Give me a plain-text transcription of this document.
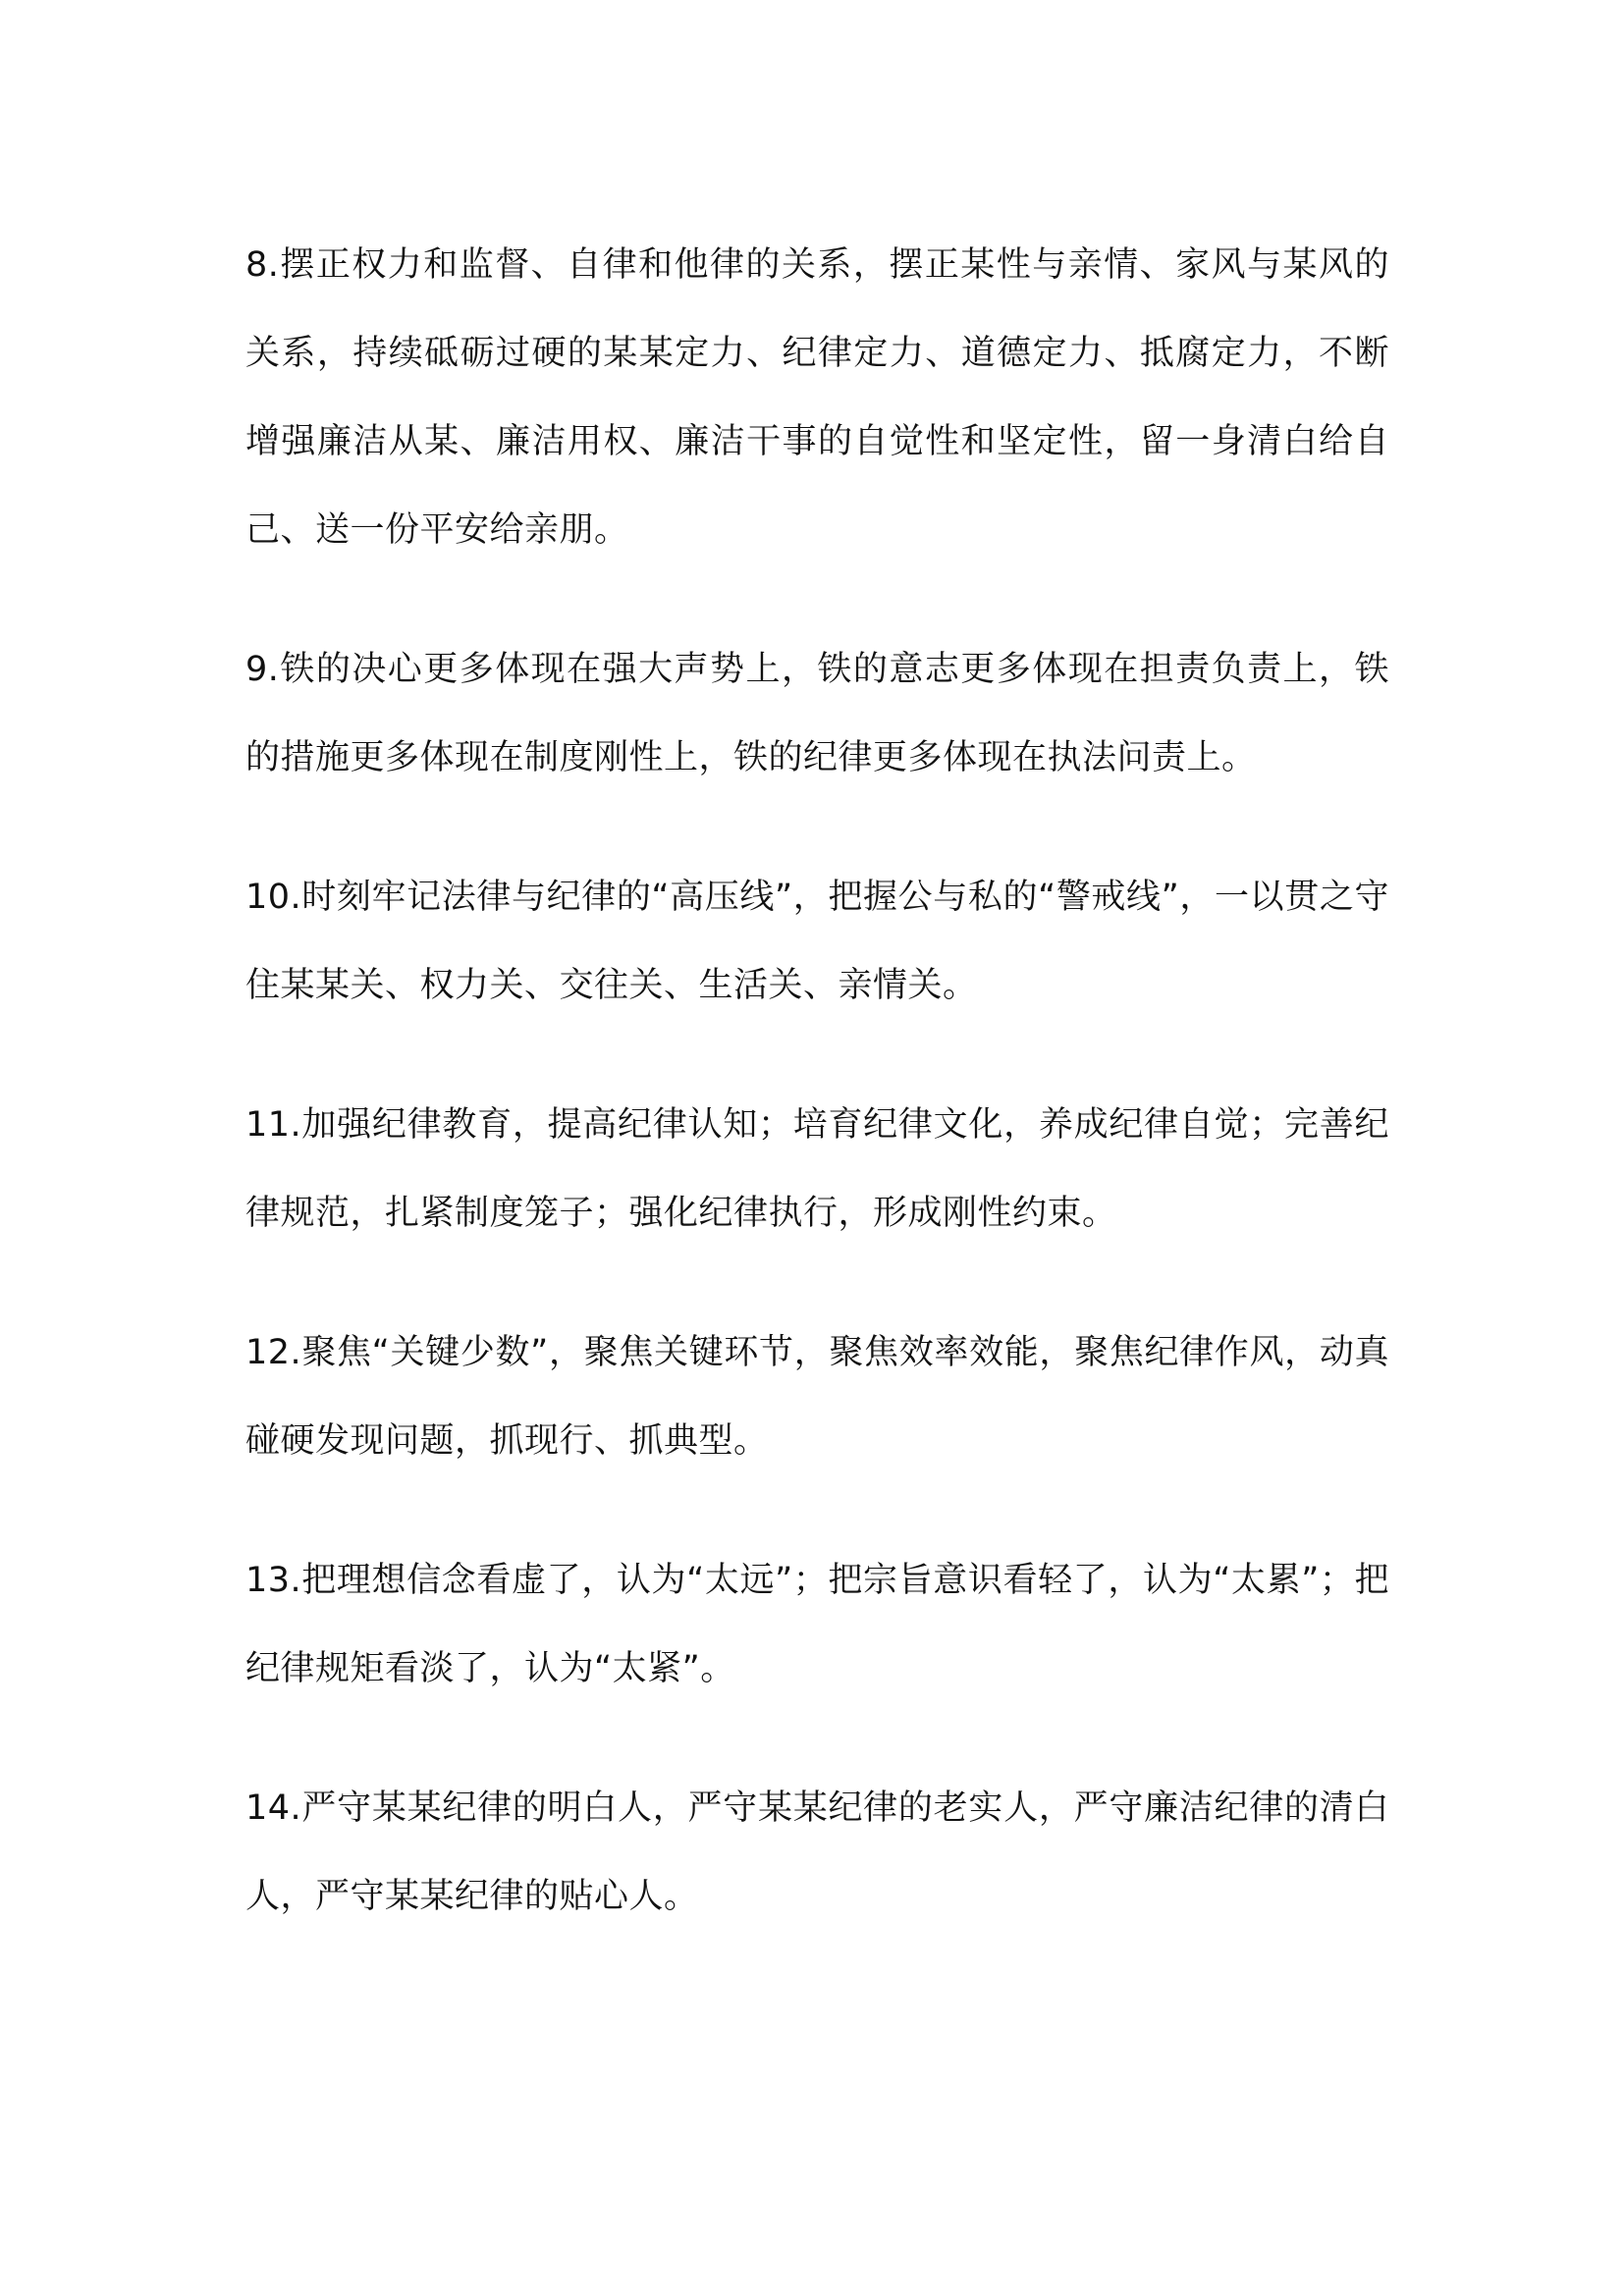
8.摆正权力和监督、自律和他律的关系，摆正某性与亲情、家风与某风的关系，持续砥砺过硬的某某定力、纪律定力、道德定力、抵腐定力，不断增强廉洁从某、廉洁用权、廉洁干事的自觉性和坚定性，留一身清白给自己、送一份平安给亲朋。

9.铁的决心更多体现在强大声势上，铁的意志更多体现在担责负责上，铁的措施更多体现在制度刚性上，铁的纪律更多体现在执法问责上。

10.时刻牢记法律与纪律的“高压线”，把握公与私的“警戒线”，一以贯之守住某某关、权力关、交往关、生活关、亲情关。

11.加强纪律教育，提高纪律认知；培育纪律文化，养成纪律自觉；完善纪律规范，扎紧制度笼子；强化纪律执行，形成刚性约束。

12.聚焦“关键少数”，聚焦关键环节，聚焦效率效能，聚焦纪律作风，动真碰硬发现问题，抓现行、抓典型。

13.把理想信念看虚了，认为“太远”；把宗旨意识看轻了，认为“太累”；把纪律规矩看淡了，认为“太紧”。

14.严守某某纪律的明白人，严守某某纪律的老实人，严守廉洁纪律的清白人，严守某某纪律的贴心人。
